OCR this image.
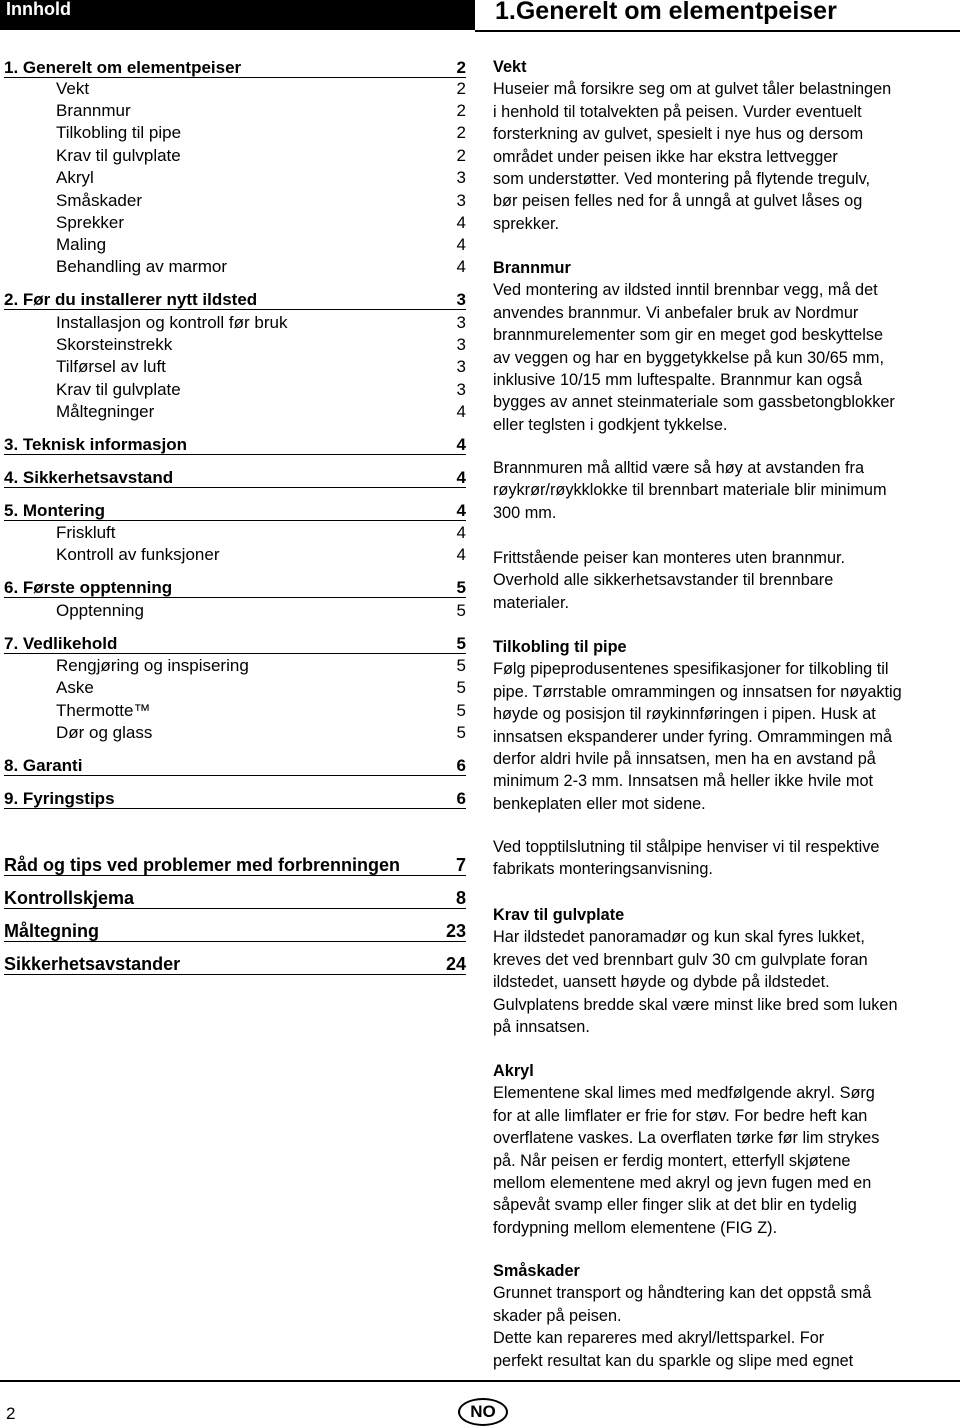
Innhold	1.Generelt om elementpeiser
1. Generelt om elementpeiser	2
Vekt	2
Brannmur	2
Tilkobling til pipe	2
Krav til gulvplate	2
Akryl	3
Småskader	3
Sprekker	4
Maling	4
Behandling av marmor	4
2. Før du installerer nytt ildsted	3
Installasjon og kontroll før bruk	3
Skorsteinstrekk	3
Tilførsel av luft	3
Krav til gulvplate	3
Måltegninger	4
3. Teknisk informasjon	4
4. Sikkerhetsavstand	4
5. Montering	4
Friskluft	4
Kontroll av funksjoner	4
6. Første opptenning	5
Opptenning	5
7. Vedlikehold	5
Rengjøring og inspisering	5
Aske	5
Thermotte™	5
Dør og glass	5
8. Garanti	6
9. Fyringstips	6
Råd og tips ved problemer med forbrenningen	7
Kontrollskjema	8
Måltegning	23
Sikkerhetsavstander	24
Vekt
Huseier må forsikre seg om at gulvet tåler belastningen
i henhold til totalvekten på peisen. Vurder eventuelt
forsterkning av gulvet, spesielt i nye hus og dersom
området under peisen ikke har ekstra lettvegger
som understøtter. Ved montering på flytende tregulv,
bør peisen felles ned for å unngå at gulvet låses og
sprekker.
Brannmur
Ved montering av ildsted inntil brennbar vegg, må det
anvendes brannmur. Vi anbefaler bruk av Nordmur
brannmurelementer som gir en meget god beskyttelse
av veggen og har en byggetykkelse på kun 30/65 mm,
inklusive 10/15 mm luftespalte. Brannmur kan også
bygges av annet steinmateriale som gassbetongblokker
eller teglsten i godkjent tykkelse.
Brannmuren må alltid være så høy at avstanden fra
røykrør/røykklokke til brennbart materiale blir minimum
300 mm.
Frittstående peiser kan monteres uten brannmur.
Overhold alle sikkerhetsavstander til brennbare
materialer.
Tilkobling til pipe
Følg pipeprodusentenes spesifikasjoner for tilkobling til
pipe. Tørrstable omrammingen og innsatsen for nøyaktig
høyde og posisjon til røykinnføringen i pipen. Husk at
innsatsen ekspanderer under fyring. Omrammingen må
derfor aldri hvile på innsatsen, men ha en avstand på
minimum 2-3 mm. Innsatsen må heller ikke hvile mot
benkeplaten eller mot sidene.
Ved topptilslutning til stålpipe henviser vi til respektive
fabrikats monteringsanvisning.
Krav til gulvplate
Har ildstedet panoramadør og kun skal fyres lukket,
kreves det ved brennbart gulv 30 cm gulvplate foran
ildstedet, uansett høyde og dybde på ildstedet.
Gulvplatens bredde skal være minst like bred som luken
på innsatsen.
Akryl
Elementene skal limes med medfølgende akryl. Sørg
for at alle limflater er frie for støv. For bedre heft kan
overflatene vaskes. La overflaten tørke før lim strykes
på. Når peisen er ferdig montert, etterfyll skjøtene
mellom elementene med akryl og jevn fugen med en
såpevåt svamp eller finger slik at det blir en tydelig
fordypning mellom elementene (FIG Z).
Småskader
Grunnet transport og håndtering kan det oppstå små
skader på peisen.
Dette kan repareres med akryl/lettsparkel. For
perfekt resultat kan du sparkle og slipe med egnet
2	NO
